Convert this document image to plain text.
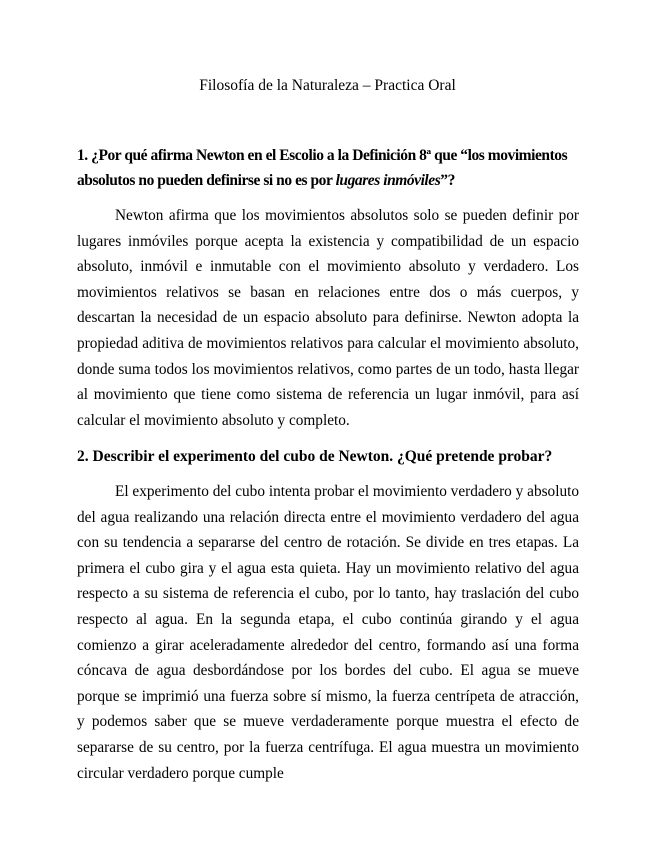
Filosofía de la Naturaleza – Practica Oral

1. ¿Por qué afirma Newton en el Escolio a la Definición 8ª que “los movimientos absolutos no pueden definirse si no es por lugares inmóviles”?

Newton afirma que los movimientos absolutos solo se pueden definir por lugares inmóviles porque acepta la existencia y compatibilidad de un espacio absoluto, inmóvil e inmutable con el movimiento absoluto y verdadero. Los movimientos relativos se basan en relaciones entre dos o más cuerpos, y descartan la necesidad de un espacio absoluto para definirse. Newton adopta la propiedad aditiva de movimientos relativos para calcular el movimiento absoluto, donde suma todos los movimientos relativos, como partes de un todo, hasta llegar al movimiento que tiene como sistema de referencia un lugar inmóvil, para así calcular el movimiento absoluto y completo.

2. Describir el experimento del cubo de Newton. ¿Qué pretende probar?

El experimento del cubo intenta probar el movimiento verdadero y absoluto del agua realizando una relación directa entre el movimiento verdadero del agua con su tendencia a separarse del centro de rotación. Se divide en tres etapas. La primera el cubo gira y el agua esta quieta. Hay un movimiento relativo del agua respecto a su sistema de referencia el cubo, por lo tanto, hay traslación del cubo respecto al agua. En la segunda etapa, el cubo continúa girando y el agua comienzo a girar aceleradamente alrededor del centro, formando así una forma cóncava de agua desbordándose por los bordes del cubo. El agua se mueve porque se imprimió una fuerza sobre sí mismo, la fuerza centrípeta de atracción, y podemos saber que se mueve verdaderamente porque muestra el efecto de separarse de su centro, por la fuerza centrífuga. El agua muestra un movimiento circular verdadero porque cumple
